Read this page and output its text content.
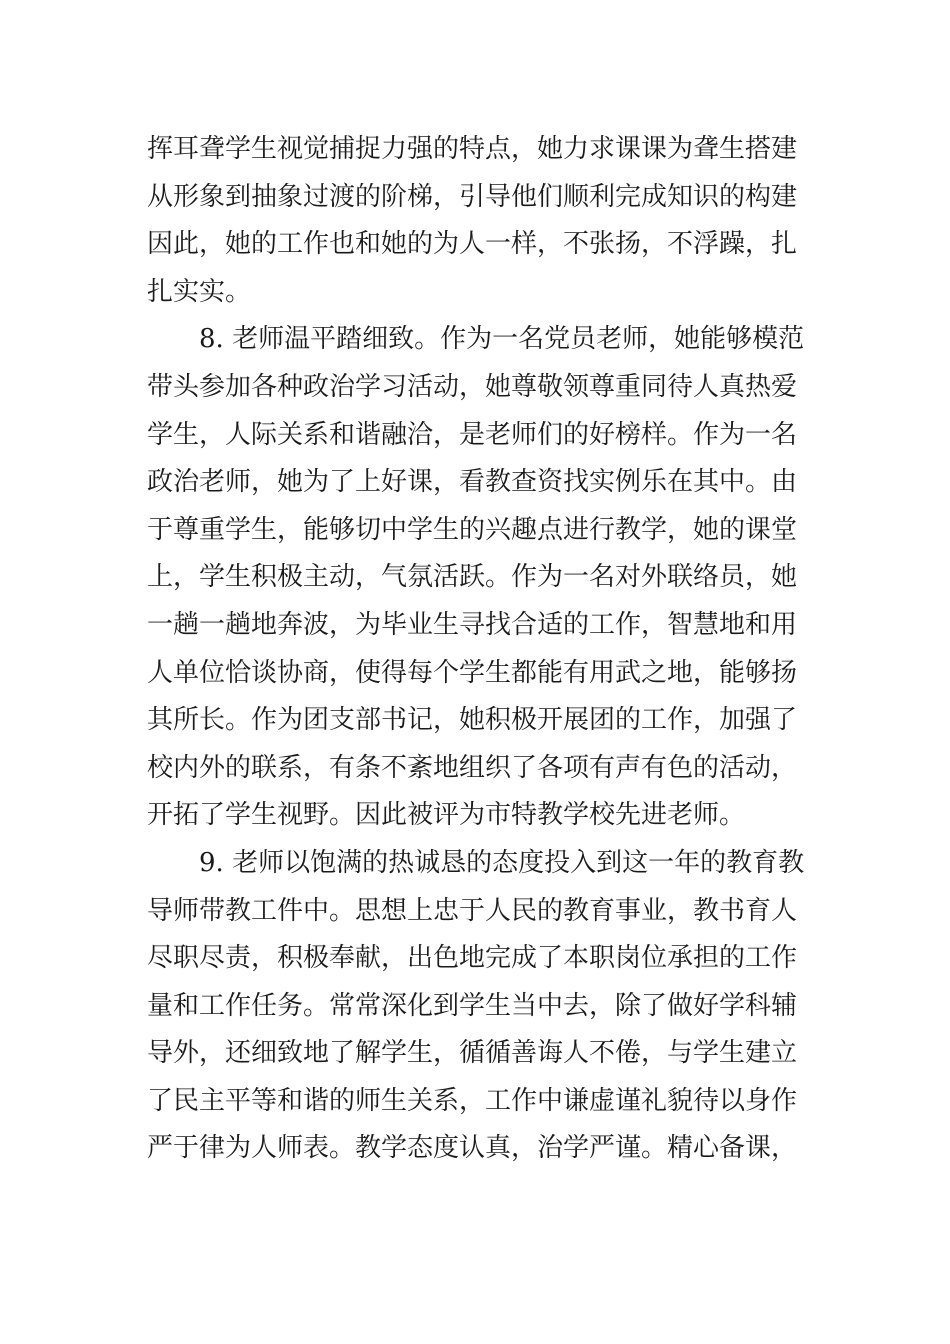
挥耳聋学生视觉捕捉力强的特点，她力求课课为聋生搭建
从形象到抽象过渡的阶梯，引导他们顺利完成知识的构建
因此，她的工作也和她的为人一样，不张扬，不浮躁，扎
扎实实。
8. 老师温平踏细致。作为一名党员老师，她能够模范
带头参加各种政治学习活动，她尊敬领尊重同待人真热爱
学生，人际关系和谐融洽，是老师们的好榜样。作为一名
政治老师，她为了上好课，看教查资找实例乐在其中。由
于尊重学生，能够切中学生的兴趣点进行教学，她的课堂
上，学生积极主动，气氛活跃。作为一名对外联络员，她
一趟一趟地奔波，为毕业生寻找合适的工作，智慧地和用
人单位恰谈协商，使得每个学生都能有用武之地，能够扬
其所长。作为团支部书记，她积极开展团的工作，加强了
校内外的联系，有条不紊地组织了各项有声有色的活动，
开拓了学生视野。因此被评为市特教学校先进老师。
9. 老师以饱满的热诚恳的态度投入到这一年的教育教
导师带教工件中。思想上忠于人民的教育事业，教书育人
尽职尽责，积极奉献，出色地完成了本职岗位承担的工作
量和工作任务。常常深化到学生当中去，除了做好学科辅
导外，还细致地了解学生，循循善诲人不倦，与学生建立
了民主平等和谐的师生关系，工作中谦虚谨礼貌待以身作
严于律为人师表。教学态度认真，治学严谨。精心备课，
